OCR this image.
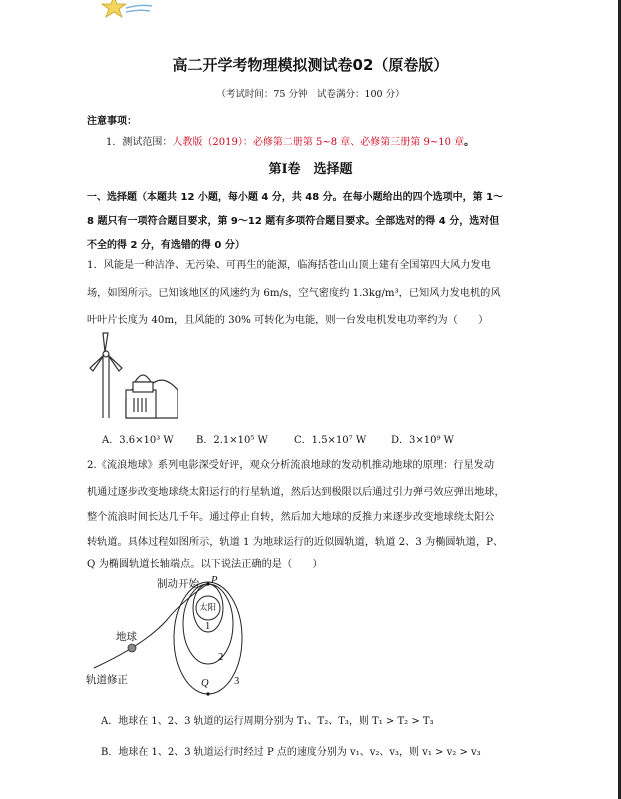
高二开学考物理模拟测试卷02（原卷版）
（考试时间：75 分钟　试卷满分：100 分）
注意事项：
1．测试范围：人教版（2019）：必修第二册第 5~8 章、必修第三册第 9~10 章。
第Ⅰ卷　选择题
一、选择题（本题共 12 小题，每小题 4 分，共 48 分。在每小题给出的四个选项中，第 1～
8 题只有一项符合题目要求，第 9～12 题有多项符合题目要求。全部选对的得 4 分，选对但
不全的得 2 分，有选错的得 0 分）
1．风能是一种洁净、无污染、可再生的能源，临海括苍山山顶上建有全国第四大风力发电
场，如图所示。已知该地区的风速约为 6m/s，空气密度约 1.3kg/m³，已知风力发电机的风
叶叶片长度为 40m，且风能的 30% 可转化为电能，则一台发电机发电功率约为（　　）
A．3.6×10³ W B．2.1×10⁵ W	C．1.5×10⁷ W D．3×10⁹ W
2.《流浪地球》系列电影深受好评，观众分析流浪地球的发动机推动地球的原理：行星发动
机通过逐步改变地球绕太阳运行的行星轨道，然后达到极限以后通过引力弹弓效应弹出地球，
整个流浪时间长达几千年。通过停止自转，然后加大地球的反推力来逐步改变地球绕太阳公
转轨道。具体过程如图所示，轨道 1 为地球运行的近似圆轨道，轨道 2、3 为椭圆轨道，P、
Q 为椭圆轨道长轴端点。以下说法正确的是（　　）
制动开始 P
太阳
1
2
3
地球
Q
轨道修正
A．地球在 1、2、3 轨道的运行周期分别为 T₁、T₂、T₃，则 T₁ > T₂ > T₃
B．地球在 1、2、3 轨道运行时经过 P 点的速度分别为 v₁、v₂、v₃，则 v₁ > v₂ > v₃
